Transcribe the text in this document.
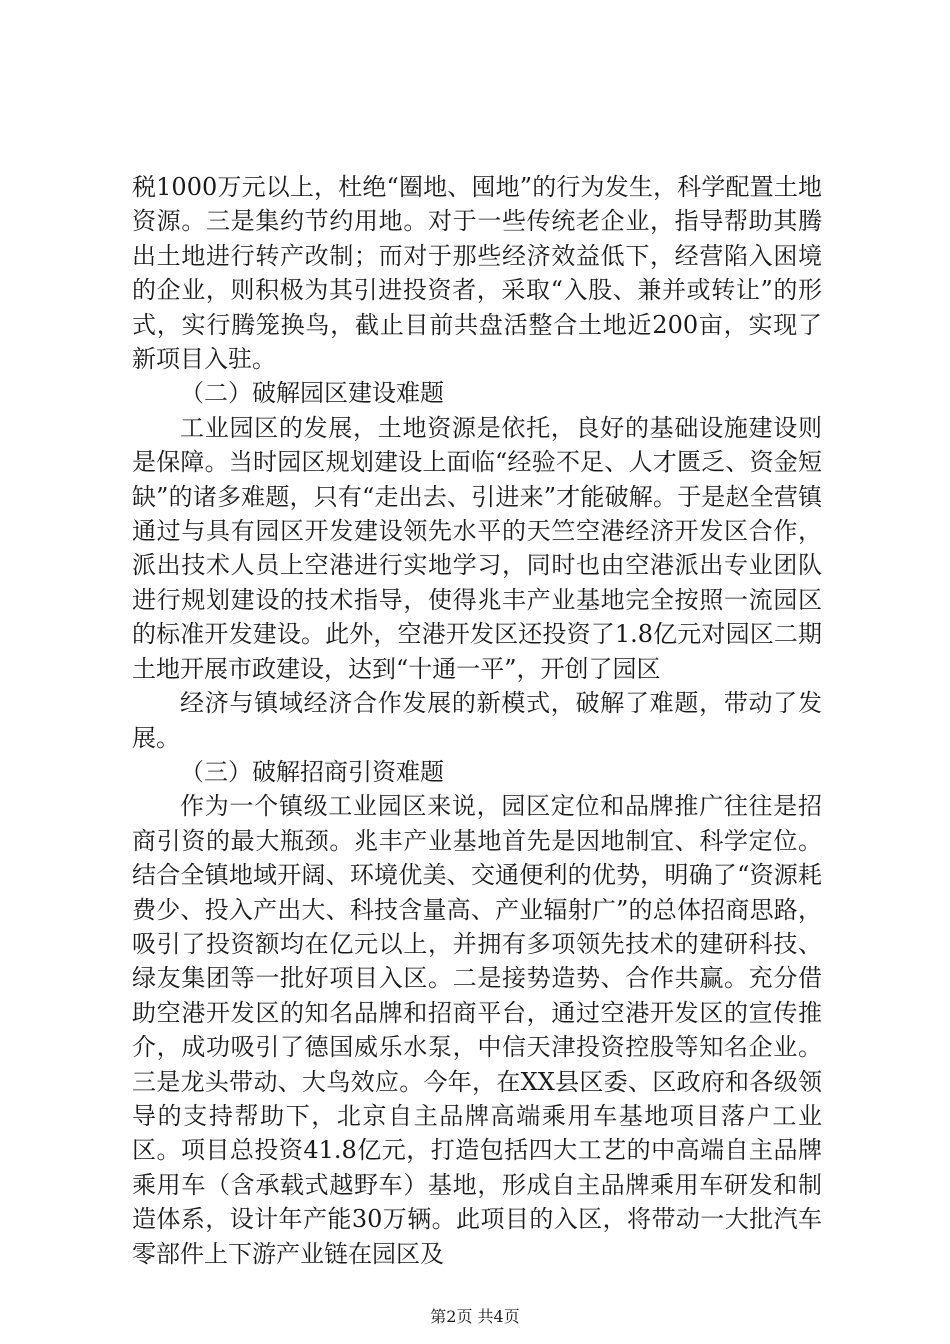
税1000万元以上，杜绝“圈地、囤地”的行为发生，科学配置土地资源。三是集约节约用地。对于一些传统老企业，指导帮助其腾出土地进行转产改制；而对于那些经济效益低下，经营陷入困境的企业，则积极为其引进投资者，采取“入股、兼并或转让”的形式，实行腾笼换鸟，截止目前共盘活整合土地近200亩，实现了新项目入驻。

（二）破解园区建设难题

工业园区的发展，土地资源是依托，良好的基础设施建设则是保障。当时园区规划建设上面临“经验不足、人才匮乏、资金短缺”的诸多难题，只有“走出去、引进来”才能破解。于是赵全营镇通过与具有园区开发建设领先水平的天竺空港经济开发区合作，派出技术人员上空港进行实地学习，同时也由空港派出专业团队进行规划建设的技术指导，使得兆丰产业基地完全按照一流园区的标准开发建设。此外，空港开发区还投资了1.8亿元对园区二期土地开展市政建设，达到“十通一平”，开创了园区

经济与镇域经济合作发展的新模式，破解了难题，带动了发展。

（三）破解招商引资难题

作为一个镇级工业园区来说，园区定位和品牌推广往往是招商引资的最大瓶颈。兆丰产业基地首先是因地制宜、科学定位。结合全镇地域开阔、环境优美、交通便利的优势，明确了“资源耗费少、投入产出大、科技含量高、产业辐射广”的总体招商思路，吸引了投资额均在亿元以上，并拥有多项领先技术的建研科技、绿友集团等一批好项目入区。二是接势造势、合作共赢。充分借助空港开发区的知名品牌和招商平台，通过空港开发区的宣传推介，成功吸引了德国威乐水泵，中信天津投资控股等知名企业。三是龙头带动、大鸟效应。今年，在XX县区委、区政府和各级领导的支持帮助下，北京自主品牌高端乘用车基地项目落户工业区。项目总投资41.8亿元，打造包括四大工艺的中高端自主品牌乘用车（含承载式越野车）基地，形成自主品牌乘用车研发和制造体系，设计年产能30万辆。此项目的入区，将带动一大批汽车零部件上下游产业链在园区及

第2页 共4页
